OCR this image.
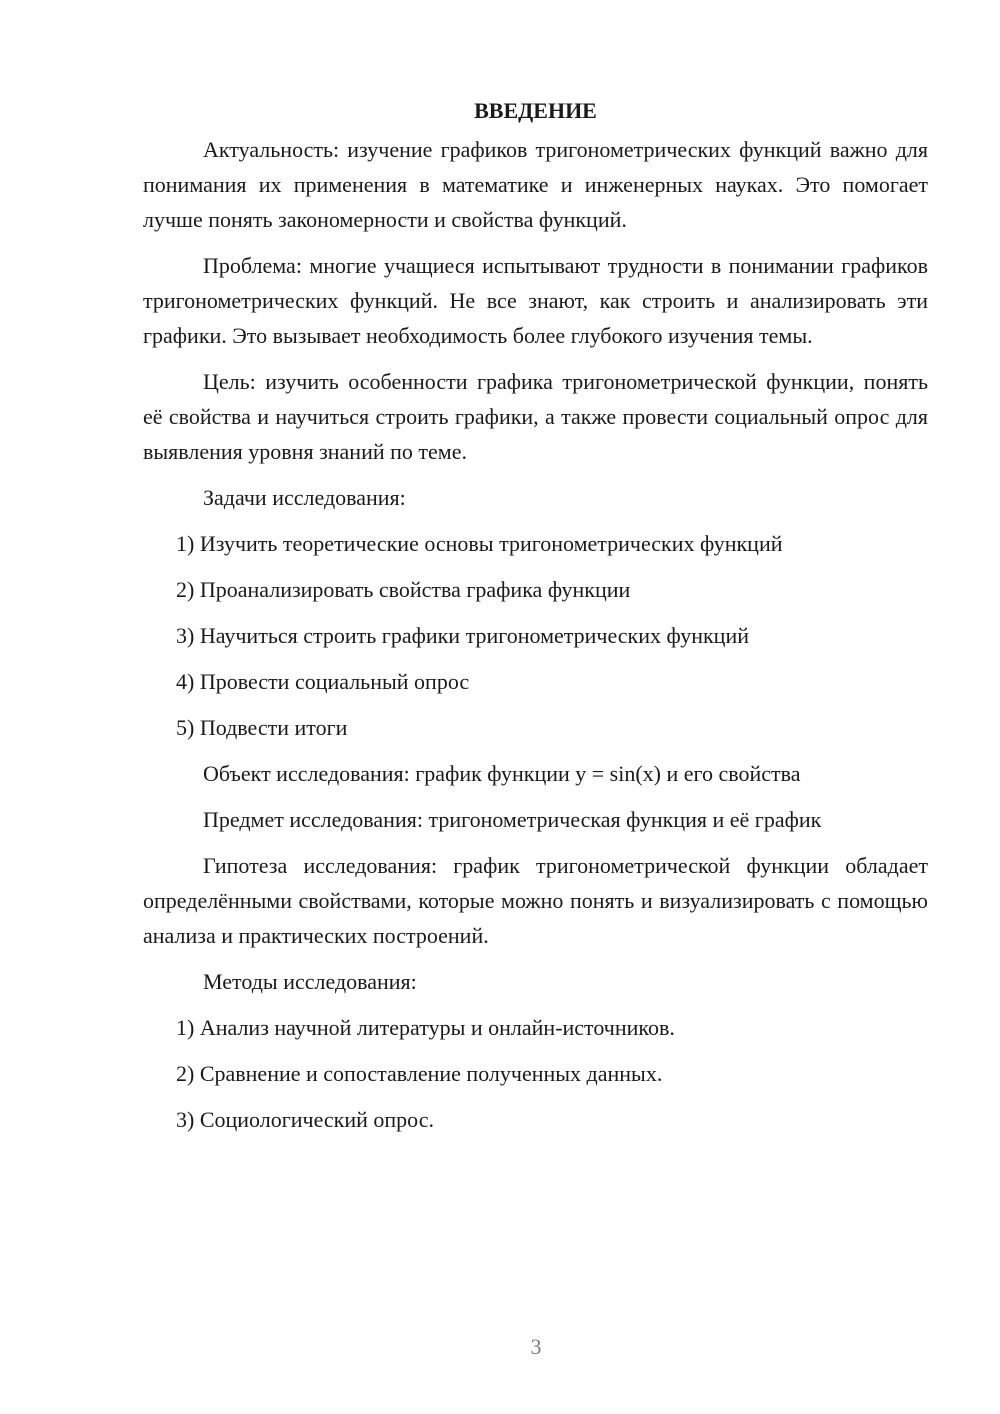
ВВЕДЕНИЕ
Актуальность: изучение графиков тригонометрических функций важно для понимания их применения в математике и инженерных науках. Это помогает лучше понять закономерности и свойства функций.
Проблема: многие учащиеся испытывают трудности в понимании графиков тригонометрических функций. Не все знают, как строить и анализировать эти графики. Это вызывает необходимость более глубокого изучения темы.
Цель: изучить особенности графика тригонометрической функции, понять её свойства и научиться строить графики, а также провести социальный опрос для выявления уровня знаний по теме.
Задачи исследования:
1) Изучить теоретические основы тригонометрических функций
2) Проанализировать свойства графика функции
3) Научиться строить графики тригонометрических функций
4) Провести социальный опрос
5) Подвести итоги
Объект исследования: график функции y = sin(x) и его свойства
Предмет исследования: тригонометрическая функция и её график
Гипотеза исследования: график тригонометрической функции обладает определёнными свойствами, которые можно понять и визуализировать с помощью анализа и практических построений.
Методы исследования:
1) Анализ научной литературы и онлайн-источников.
2) Сравнение и сопоставление полученных данных.
3) Социологический опрос.
3
